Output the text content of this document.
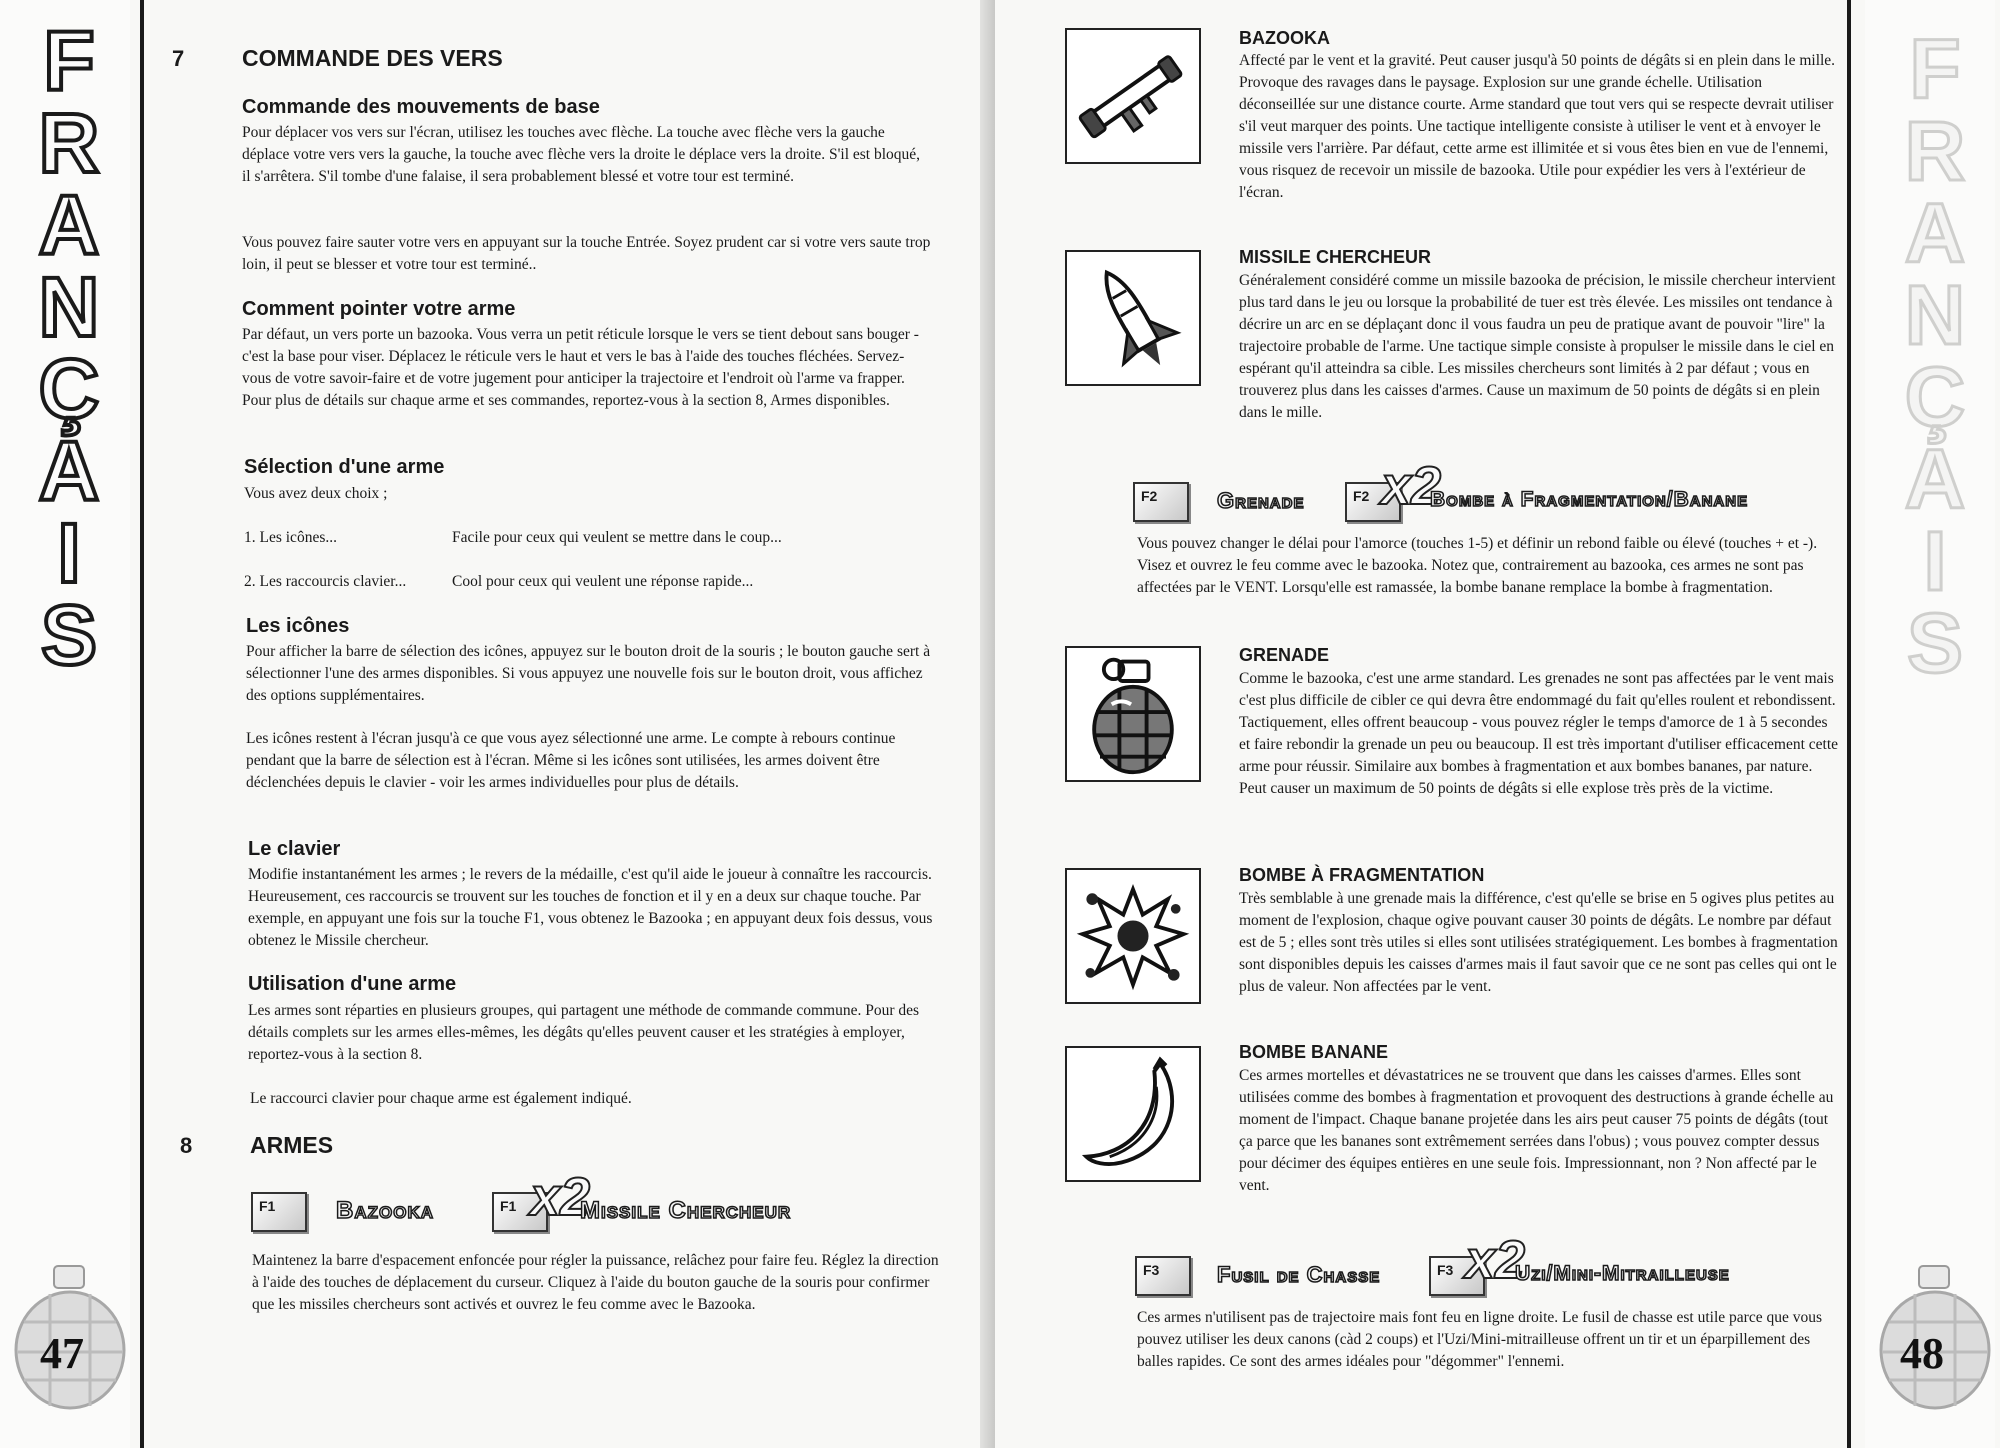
F
R
A
N
Ç
A
I
S
47
7	COMMANDE DES VERS
Commande des mouvements de base
Pour déplacer vos vers sur l'écran, utilisez les touches avec flèche. La touche avec flèche vers la gauche déplace votre vers vers la gauche, la touche avec flèche vers la droite le déplace vers la droite. S'il est bloqué, il s'arrêtera. S'il tombe d'une falaise, il sera probablement blessé et votre tour est terminé.
Vous pouvez faire sauter votre vers en appuyant sur la touche Entrée. Soyez prudent car si votre vers saute trop loin, il peut se blesser et votre tour est terminé..
Comment pointer votre arme
Par défaut, un vers porte un bazooka. Vous verra un petit réticule lorsque le vers se tient debout sans bouger - c'est la base pour viser. Déplacez le réticule vers le haut et vers le bas à l'aide des touches fléchées. Servez-vous de votre savoir-faire et de votre jugement pour anticiper la trajectoire et l'endroit où l'arme va frapper. Pour plus de détails sur chaque arme et ses commandes, reportez-vous à la section 8, Armes disponibles.
Sélection d'une arme
Vous avez deux choix ;
1. Les icônes...	Facile pour ceux qui veulent se mettre dans le coup...
2. Les raccourcis clavier...	Cool pour ceux qui veulent une réponse rapide...
Les icônes
Pour afficher la barre de sélection des icônes, appuyez sur le bouton droit de la souris ; le bouton gauche sert à sélectionner l'une des armes disponibles. Si vous appuyez une nouvelle fois sur le bouton droit, vous affichez des options supplémentaires.
Les icônes restent à l'écran jusqu'à ce que vous ayez sélectionné une arme. Le compte à rebours continue pendant que la barre de sélection est à l'écran. Même si les icônes sont utilisées, les armes doivent être déclenchées depuis le clavier - voir les armes individuelles pour plus de détails.
Le clavier
Modifie instantanément les armes ; le revers de la médaille, c'est qu'il aide le joueur à connaître les raccourcis. Heureusement, ces raccourcis se trouvent sur les touches de fonction et il y en a deux sur chaque touche. Par exemple, en appuyant une fois sur la touche F1, vous obtenez le Bazooka ; en appuyant deux fois dessus, vous obtenez le Missile chercheur.
Utilisation d'une arme
Les armes sont réparties en plusieurs groupes, qui partagent une méthode de commande commune. Pour des détails complets sur les armes elles-mêmes, les dégâts qu'elles peuvent causer et les stratégies à employer, reportez-vous à la section 8.
Le raccourci clavier pour chaque arme est également indiqué.
8	ARMES
F1	Bazooka	F1 x2
Missile Chercheur
Maintenez la barre d'espacement enfoncée pour régler la puissance, relâchez pour faire feu. Réglez la direction à l'aide des touches de déplacement du curseur. Cliquez à l'aide du bouton gauche de la souris pour confirmer que les missiles chercheurs sont activés et ouvrez le feu comme avec le Bazooka.
F
R
A
N
Ç
A
I
S
48
BAZOOKA
Affecté par le vent et la gravité. Peut causer jusqu'à 50 points de dégâts si en plein dans le mille. Provoque des ravages dans le paysage. Explosion sur une grande échelle. Utilisation déconseillée sur une distance courte. Arme standard que tout vers qui se respecte devrait utiliser s'il veut marquer des points. Une tactique intelligente consiste à utiliser le vent et à envoyer le missile vers l'arrière. Par défaut, cette arme est illimitée et si vous êtes bien en vue de l'ennemi, vous risquez de recevoir un missile de bazooka. Utile pour expédier les vers à l'extérieur de l'écran.
MISSILE CHERCHEUR
Généralement considéré comme un missile bazooka de précision, le missile chercheur intervient plus tard dans le jeu ou lorsque la probabilité de tuer est très élevée. Les missiles ont tendance à décrire un arc en se déplaçant donc il vous faudra un peu de pratique avant de pouvoir "lire" la trajectoire probable de l'arme. Une tactique simple consiste à propulser le missile dans le ciel en espérant qu'il atteindra sa cible. Les missiles chercheurs sont limités à 2 par défaut ; vous en trouverez plus dans les caisses d'armes. Cause un maximum de 50 points de dégâts si en plein dans le mille.
F2	Grenade	F2 x2
Bombe à Fragmentation/Banane
Vous pouvez changer le délai pour l'amorce (touches 1-5) et définir un rebond faible ou élevé (touches + et -). Visez et ouvrez le feu comme avec le bazooka. Notez que, contrairement au bazooka, ces armes ne sont pas affectées par le VENT. Lorsqu'elle est ramassée, la bombe banane remplace la bombe à fragmentation.
GRENADE
Comme le bazooka, c'est une arme standard. Les grenades ne sont pas affectées par le vent mais c'est plus difficile de cibler ce qui devra être endommagé du fait qu'elles roulent et rebondissent. Tactiquement, elles offrent beaucoup - vous pouvez régler le temps d'amorce de 1 à 5 secondes et faire rebondir la grenade un peu ou beaucoup. Il est très important d'utiliser efficacement cette arme pour réussir. Similaire aux bombes à fragmentation et aux bombes bananes, par nature. Peut causer un maximum de 50 points de dégâts si elle explose très près de la victime.
BOMBE À FRAGMENTATION
Très semblable à une grenade mais la différence, c'est qu'elle se brise en 5 ogives plus petites au moment de l'explosion, chaque ogive pouvant causer 30 points de dégâts. Le nombre par défaut est de 5 ; elles sont très utiles si elles sont utilisées stratégiquement. Les bombes à fragmentation sont disponibles depuis les caisses d'armes mais il faut savoir que ce ne sont pas celles qui ont le plus de valeur. Non affectées par le vent.
BOMBE BANANE
Ces armes mortelles et dévastatrices ne se trouvent que dans les caisses d'armes. Elles sont utilisées comme des bombes à fragmentation et provoquent des destructions à grande échelle au moment de l'impact. Chaque banane projetée dans les airs peut causer 75 points de dégâts (tout ça parce que les bananes sont extrêmement serrées dans l'obus) ; vous pouvez compter dessus pour décimer des équipes entières en une seule fois. Impressionnant, non ? Non affecté par le vent.
F3	Fusil de Chasse	F3 x2
Uzi/Mini-Mitrailleuse
Ces armes n'utilisent pas de trajectoire mais font feu en ligne droite. Le fusil de chasse est utile parce que vous pouvez utiliser les deux canons (càd 2 coups) et l'Uzi/Mini-mitrailleuse offrent un tir et un éparpillement des balles rapides. Ce sont des armes idéales pour "dégommer" l'ennemi.
